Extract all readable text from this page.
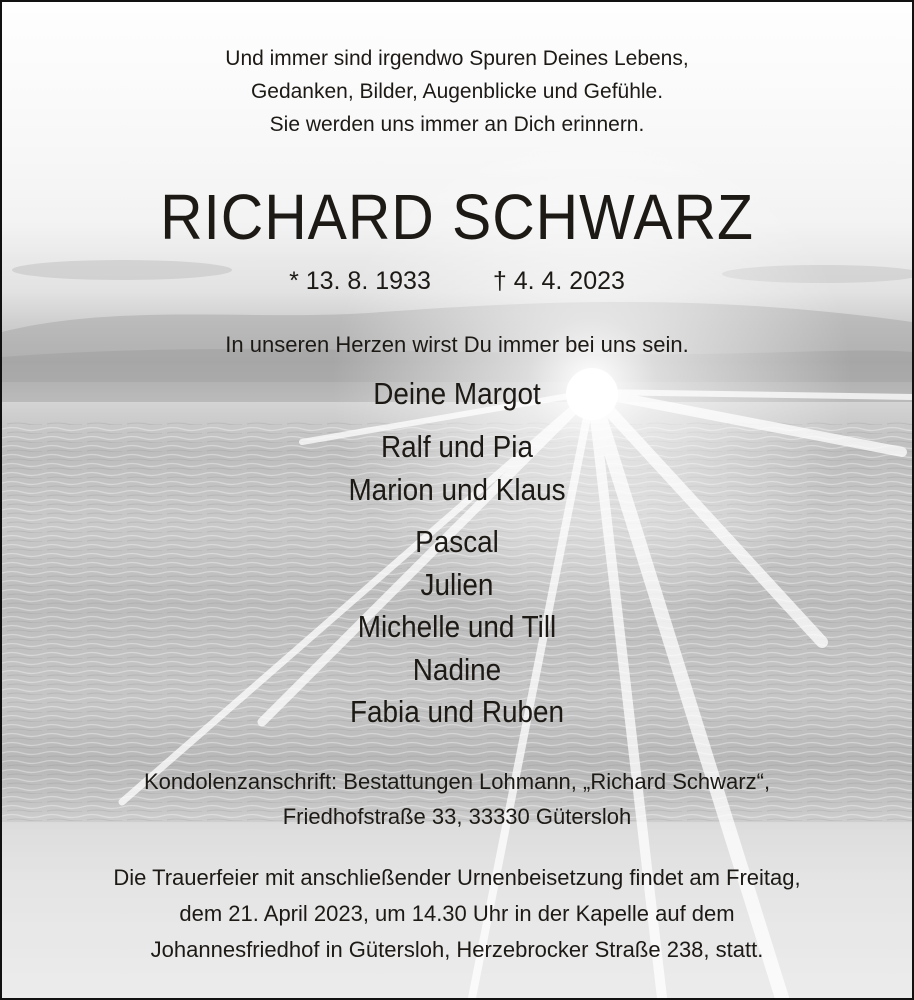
Und immer sind irgendwo Spuren Deines Lebens,
Gedanken, Bilder, Augenblicke und Gefühle.
Sie werden uns immer an Dich erinnern.
RICHARD SCHWARZ
* 13. 8. 1933 † 4. 4. 2023
In unseren Herzen wirst Du immer bei uns sein.
Deine Margot
Ralf und Pia
Marion und Klaus
Pascal
Julien
Michelle und Till
Nadine
Fabia und Ruben
Kondolenzanschrift: Bestattungen Lohmann, „Richard Schwarz“,
Friedhofstraße 33, 33330 Gütersloh
Die Trauerfeier mit anschließender Urnenbeisetzung findet am Freitag,
dem 21. April 2023, um 14.30 Uhr in der Kapelle auf dem
Johannesfriedhof in Gütersloh, Herzebrocker Straße 238, statt.
